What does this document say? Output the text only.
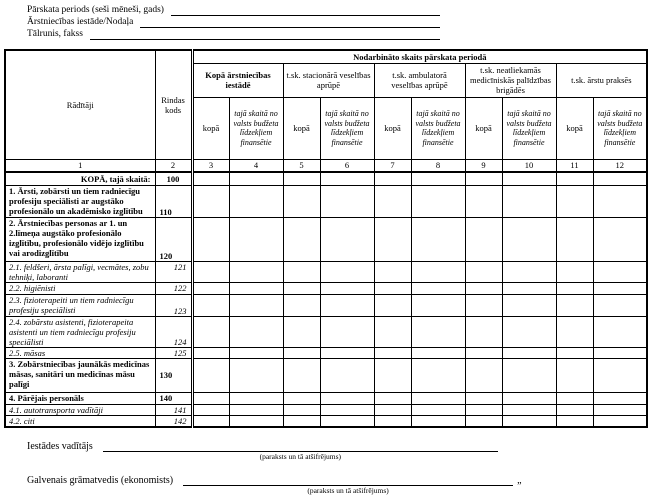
Pārskata periods (seši mēneši, gads)
Ārstniecības iestāde/Nodaļa
Tālrunis, fakss
Rādītāji	Rindas kods	Nodarbināto skaits pārskata periodā									
		Kopā ārstniecības iestādē		t.sk. stacionārā veselības aprūpē		t.sk. ambulatorā veselības aprūpē		t.sk. neatliekamās medicīniskās palīdzības brigādēs		t.sk. ārstu praksēs	
		kopā	tajā skaitā no valsts budžeta līdzekļiem finansētie	kopā	tajā skaitā no valsts budžeta līdzekļiem finansētie	kopā	tajā skaitā no valsts budžeta līdzekļiem finansētie	kopā	tajā skaitā no valsts budžeta līdzekļiem finansētie	kopā	tajā skaitā no valsts budžeta līdzekļiem finansētie
1	2	3	4	5	6	7	8	9	10	11	12
KOPĀ, tajā skaitā:	100										
1. Ārsti, zobārsti un tiem radniecīgu profesiju speciālisti ar augstāko profesionālo un akadēmisko izglītību	110										
2. Ārstniecības personas ar 1. un 2.līmeņa augstāko profesionālo izglītību, profesionālo vidējo izglītību vai arodizglītību	120										
2.1. feldšeri, ārsta palīgi, vecmātes, zobu tehniķi, laboranti	121										
2.2. higiēnisti	122										
2.3. fizioterapeiti un tiem radniecīgu profesiju speciālisti	123										
2.4. zobārstu asistenti, fizioterapeita asistenti un tiem radniecīgu profesiju speciālisti	124										
2.5. māsas	125										
3. Zobārstniecības jaunākās medicīnas māsas, sanitāri un medicīnas māsu palīgi	130										
4. Pārējais personāls	140										
4.1. autotransporta vadītāji	141										
4.2. citi	142										
Iestādes vadītājs
(paraksts un tā atšifrējums)
Galvenais grāmatvedis (ekonomists)
(paraksts un tā atšifrējums)
„
